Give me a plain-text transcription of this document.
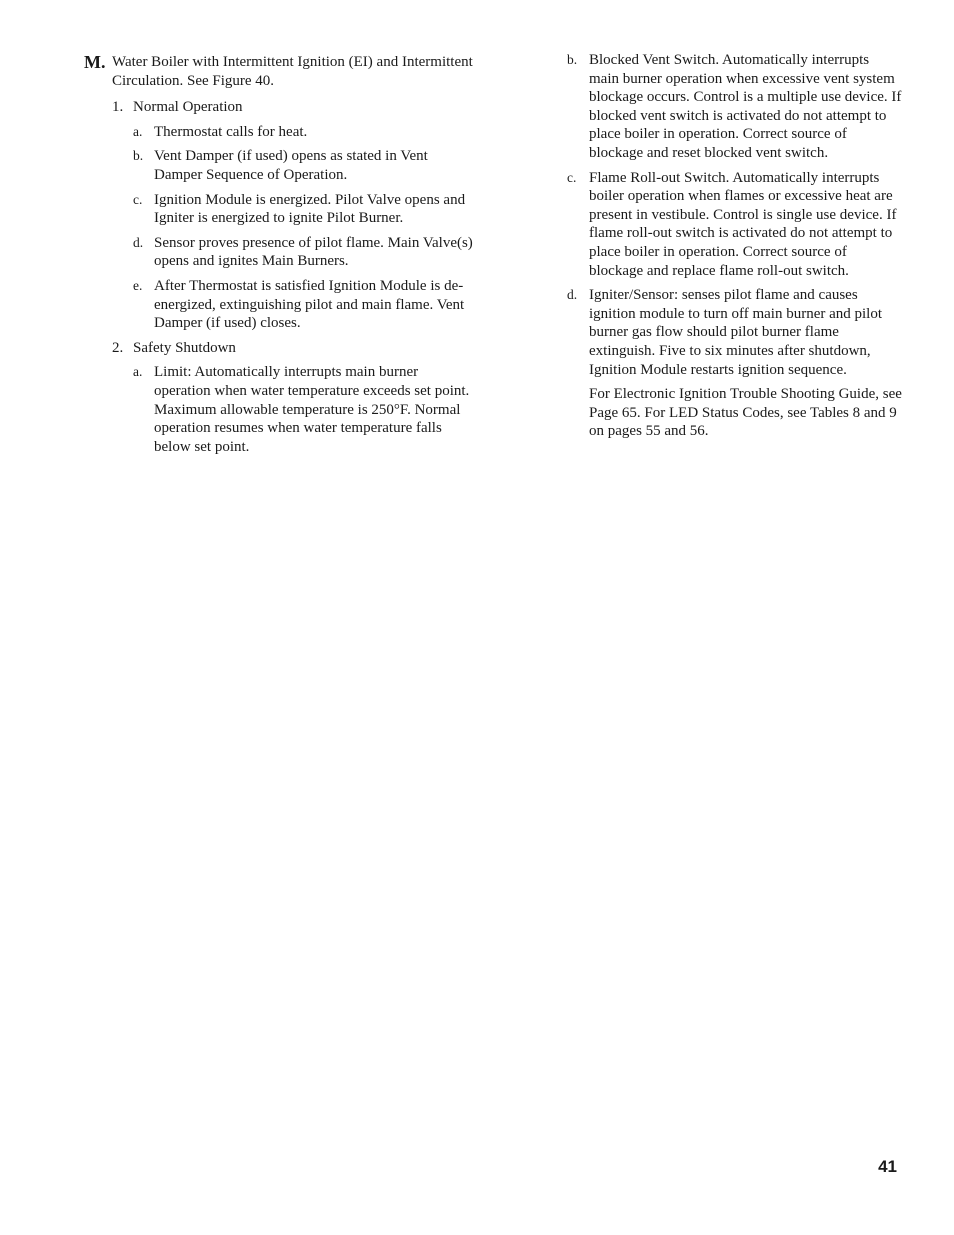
M. Water Boiler with Intermittent Ignition (EI) and Intermittent Circulation. See Figure 40.

1. Normal Operation

a. Thermostat calls for heat.
b. Vent Damper (if used) opens as stated in Vent Damper Sequence of Operation.
c. Ignition Module is energized. Pilot Valve opens and Igniter is energized to ignite Pilot Burner.
d. Sensor proves presence of pilot flame. Main Valve(s) opens and ignites Main Burners.
e. After Thermostat is satisfied Ignition Module is de-energized, extinguishing pilot and main flame. Vent Damper (if used) closes.
2. Safety Shutdown

a. Limit: Automatically interrupts main burner operation when water temperature exceeds set point. Maximum allowable temperature is 250°F. Normal operation resumes when water temperature falls below set point.
b. Blocked Vent Switch. Automatically interrupts main burner operation when excessive vent system blockage occurs. Control is a multiple use device. If blocked vent switch is activated do not attempt to place boiler in operation. Correct source of blockage and reset blocked vent switch.
c. Flame Roll-out Switch. Automatically interrupts boiler operation when flames or excessive heat are present in vestibule. Control is single use device. If flame roll-out switch is activated do not attempt to place boiler in operation. Correct source of blockage and replace flame roll-out switch.
d. Igniter/Sensor: senses pilot flame and causes ignition module to turn off main burner and pilot burner gas flow should pilot burner flame extinguish. Five to six minutes after shutdown, Ignition Module restarts ignition sequence.

For Electronic Ignition Trouble Shooting Guide, see Page 65. For LED Status Codes, see Tables 8 and 9 on pages 55 and 56.

41
